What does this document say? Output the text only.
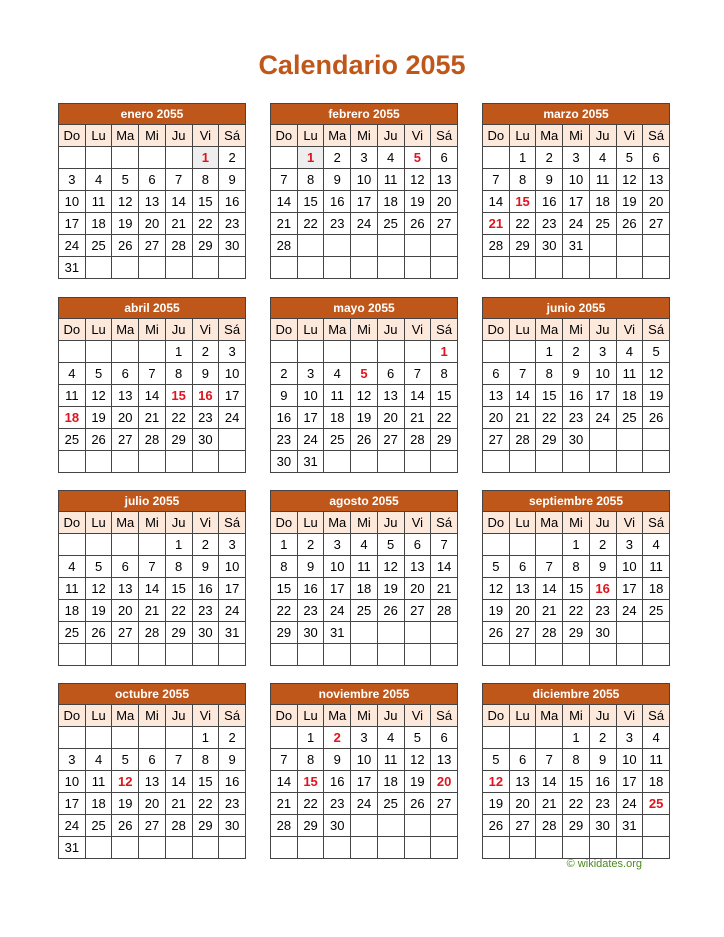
Calendario 2055
enero 2055						
Do	Lu	Ma	Mi	Ju	Vi	Sá
					1	2
3	4	5	6	7	8	9
10	11	12	13	14	15	16
17	18	19	20	21	22	23
24	25	26	27	28	29	30
31						
febrero 2055						
Do	Lu	Ma	Mi	Ju	Vi	Sá
	1	2	3	4	5	6
7	8	9	10	11	12	13
14	15	16	17	18	19	20
21	22	23	24	25	26	27
28						

marzo 2055						
Do	Lu	Ma	Mi	Ju	Vi	Sá
	1	2	3	4	5	6
7	8	9	10	11	12	13
14	15	16	17	18	19	20
21	22	23	24	25	26	27
28	29	30	31			

abril 2055						
Do	Lu	Ma	Mi	Ju	Vi	Sá
				1	2	3
4	5	6	7	8	9	10
11	12	13	14	15	16	17
18	19	20	21	22	23	24
25	26	27	28	29	30	

mayo 2055						
Do	Lu	Ma	Mi	Ju	Vi	Sá
						1
2	3	4	5	6	7	8
9	10	11	12	13	14	15
16	17	18	19	20	21	22
23	24	25	26	27	28	29
30	31					
junio 2055						
Do	Lu	Ma	Mi	Ju	Vi	Sá
		1	2	3	4	5
6	7	8	9	10	11	12
13	14	15	16	17	18	19
20	21	22	23	24	25	26
27	28	29	30			

julio 2055						
Do	Lu	Ma	Mi	Ju	Vi	Sá
				1	2	3
4	5	6	7	8	9	10
11	12	13	14	15	16	17
18	19	20	21	22	23	24
25	26	27	28	29	30	31

agosto 2055						
Do	Lu	Ma	Mi	Ju	Vi	Sá
1	2	3	4	5	6	7
8	9	10	11	12	13	14
15	16	17	18	19	20	21
22	23	24	25	26	27	28
29	30	31				

septiembre 2055						
Do	Lu	Ma	Mi	Ju	Vi	Sá
			1	2	3	4
5	6	7	8	9	10	11
12	13	14	15	16	17	18
19	20	21	22	23	24	25
26	27	28	29	30		

octubre 2055						
Do	Lu	Ma	Mi	Ju	Vi	Sá
					1	2
3	4	5	6	7	8	9
10	11	12	13	14	15	16
17	18	19	20	21	22	23
24	25	26	27	28	29	30
31						
noviembre 2055						
Do	Lu	Ma	Mi	Ju	Vi	Sá
	1	2	3	4	5	6
7	8	9	10	11	12	13
14	15	16	17	18	19	20
21	22	23	24	25	26	27
28	29	30				

diciembre 2055						
Do	Lu	Ma	Mi	Ju	Vi	Sá
			1	2	3	4
5	6	7	8	9	10	11
12	13	14	15	16	17	18
19	20	21	22	23	24	25
26	27	28	29	30	31	

© wikidates.org
